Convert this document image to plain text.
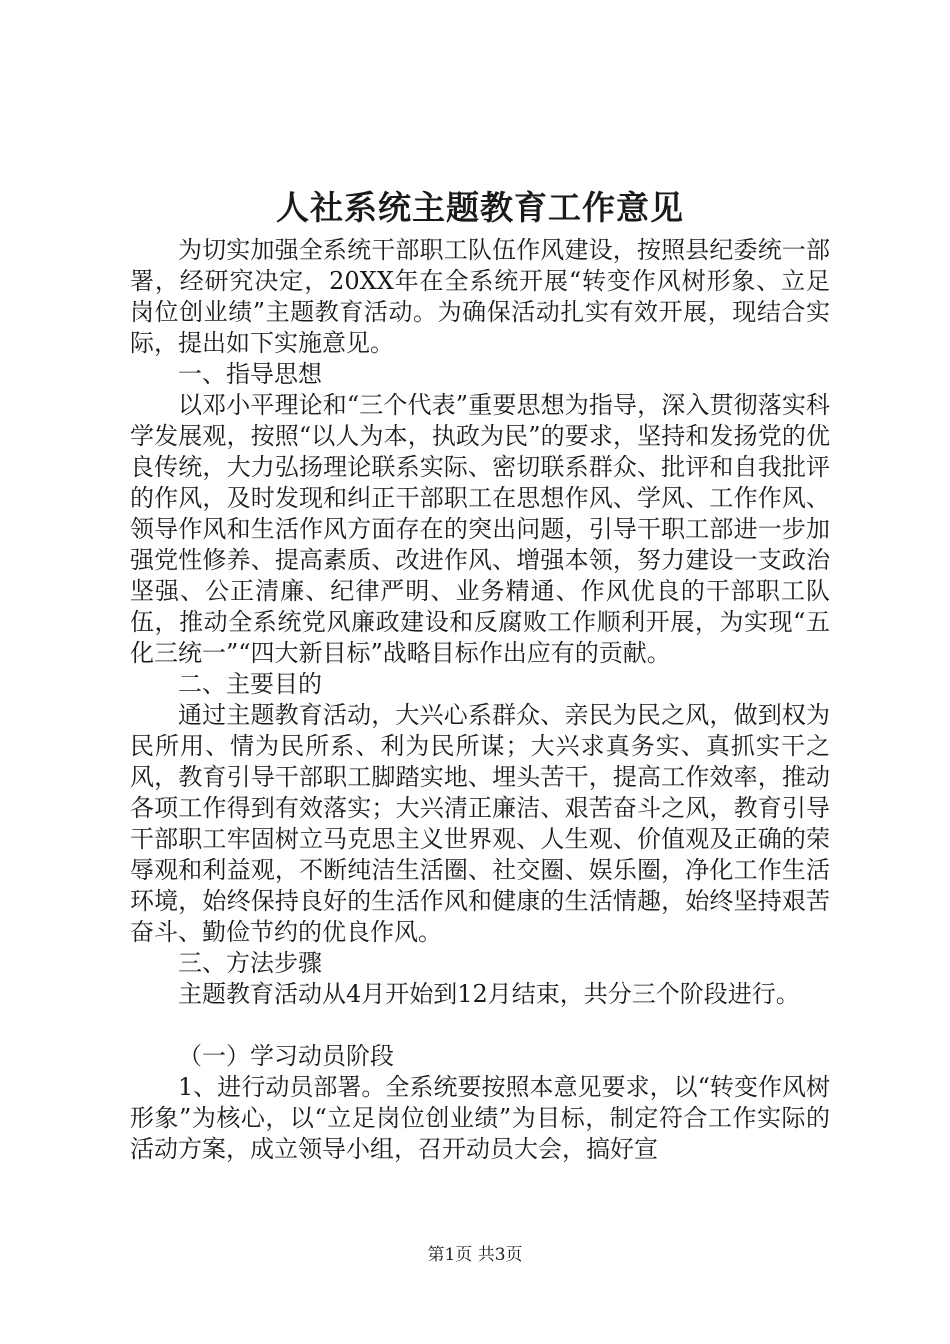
人社系统主题教育工作意见

为切实加强全系统干部职工队伍作风建设，按照县纪委统一部署，经研究决定，20XX年在全系统开展“转变作风树形象、立足岗位创业绩”主题教育活动。为确保活动扎实有效开展，现结合实际，提出如下实施意见。

一、指导思想

以邓小平理论和“三个代表”重要思想为指导，深入贯彻落实科学发展观，按照“以人为本，执政为民”的要求，坚持和发扬党的优良传统，大力弘扬理论联系实际、密切联系群众、批评和自我批评的作风，及时发现和纠正干部职工在思想作风、学风、工作作风、领导作风和生活作风方面存在的突出问题，引导干职工部进一步加强党性修养、提高素质、改进作风、增强本领，努力建设一支政治坚强、公正清廉、纪律严明、业务精通、作风优良的干部职工队伍，推动全系统党风廉政建设和反腐败工作顺利开展，为实现“五化三统一”“四大新目标”战略目标作出应有的贡献。

二、主要目的

通过主题教育活动，大兴心系群众、亲民为民之风，做到权为民所用、情为民所系、利为民所谋；大兴求真务实、真抓实干之风，教育引导干部职工脚踏实地、埋头苦干，提高工作效率，推动各项工作得到有效落实；大兴清正廉洁、艰苦奋斗之风，教育引导干部职工牢固树立马克思主义世界观、人生观、价值观及正确的荣辱观和利益观，不断纯洁生活圈、社交圈、娱乐圈，净化工作生活环境，始终保持良好的生活作风和健康的生活情趣，始终坚持艰苦奋斗、勤俭节约的优良作风。

三、方法步骤

主题教育活动从4月开始到12月结束，共分三个阶段进行。

（一）学习动员阶段

1、进行动员部署。全系统要按照本意见要求，以“转变作风树形象”为核心，以“立足岗位创业绩”为目标，制定符合工作实际的活动方案，成立领导小组，召开动员大会，搞好宣

第1页 共3页
